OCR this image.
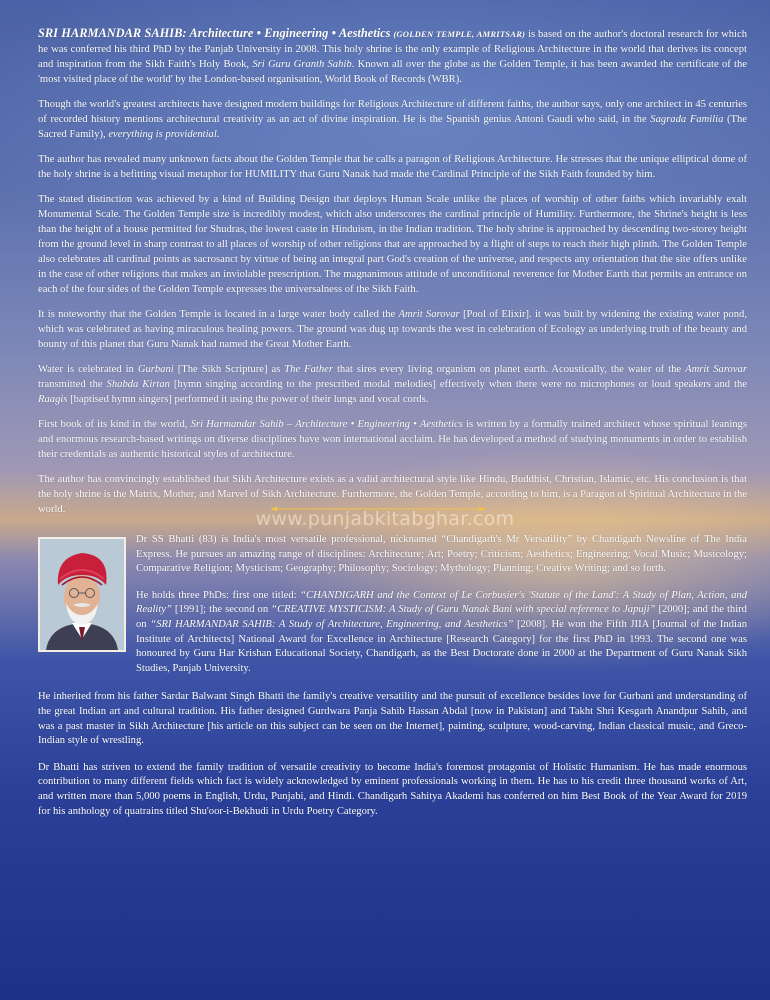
SRI HARMANDAR SAHIB: Architecture • Engineering • Aesthetics (GOLDEN TEMPLE, AMRITSAR) is based on the author's doctoral research for which he was conferred his third PhD by the Panjab University in 2008. This holy shrine is the only example of Religious Architecture in the world that derives its concept and inspiration from the Sikh Faith's Holy Book, Sri Guru Granth Sahib. Known all over the globe as the Golden Temple, it has been awarded the certificate of the 'most visited place of the world' by the London-based organisation, World Book of Records (WBR).

Though the world's greatest architects have designed modern buildings for Religious Architecture of different faiths, the author says, only one architect in 45 centuries of recorded history mentions architectural creativity as an act of divine inspiration. He is the Spanish genius Antoni Gaudi who said, in the Sagrada Familia (The Sacred Family), everything is providential.

The author has revealed many unknown facts about the Golden Temple that he calls a paragon of Religious Architecture. He stresses that the unique elliptical dome of the holy shrine is a befitting visual metaphor for HUMILITY that Guru Nanak had made the Cardinal Principle of the Sikh Faith founded by him.

The stated distinction was achieved by a kind of Building Design that deploys Human Scale unlike the places of worship of other faiths which invariably exalt Monumental Scale. The Golden Temple size is incredibly modest, which also underscores the cardinal principle of Humility. Furthermore, the Shrine's height is less than the height of a house permitted for Shudras, the lowest caste in Hinduism, in the Indian tradition. The holy shrine is approached by descending two-storey height from the ground level in sharp contrast to all places of worship of other religions that are approached by a flight of steps to reach their high plinth. The Golden Temple also celebrates all cardinal points as sacrosanct by virtue of being an integral part God's creation of the universe, and respects any orientation that the site offers unlike in the case of other religions that makes an inviolable prescription. The magnanimous attitude of unconditional reverence for Mother Earth that permits an entrance on each of the four sides of the Golden Temple expresses the universalness of the Sikh Faith.

It is noteworthy that the Golden Temple is located in a large water body called the Amrit Sarovar [Pool of Elixir]. it was built by widening the existing water pond, which was celebrated as having miraculous healing powers. The ground was dug up towards the west in celebration of Ecology as underlying truth of the beauty and bounty of this planet that Guru Nanak had named the Great Mother Earth.

Water is celebrated in Gurbani [The Sikh Scripture] as The Father that sires every living organism on planet earth. Acoustically, the water of the Amrit Sarovar transmitted the Shabda Kirtan [hymn singing according to the prescribed modal melodies] effectively when there were no microphones or loud speakers and the Raagis [baptised hymn singers] performed it using the power of their lungs and vocal cords.

First book of its kind in the world, Sri Harmandar Sahib – Architecture • Engineering • Aesthetics is written by a formally trained architect whose spiritual leanings and enormous research-based writings on diverse disciplines have won international acclaim. He has developed a method of studying monuments in order to establish their credentials as authentic historical styles of architecture.

The author has convincingly established that Sikh Architecture exists as a valid architectural style like Hindu, Buddhist, Christian, Islamic, etc. His conclusion is that the holy shrine is the Matrix, Mother, and Marvel of Sikh Architecture. Furthermore, the Golden Temple, according to him, is a Paragon of Spiritual Architecture in the world.	www.punjabkitabghar.com

Dr SS Bhatti (83) is India's most versatile professional, nicknamed “Chandigarh's Mr Versatility” by Chandigarh Newsline of The India Express. He pursues an amazing range of disciplines: Architecture; Art; Poetry; Criticism; Aesthetics; Engineering; Vocal Music; Musicology; Comparative Religion; Mysticism; Geography; Philosophy; Sociology; Mythology; Planning; Creative Writing; and so forth.

He holds three PhDs: first one titled: “CHANDIGARH and the Context of Le Corbusier's 'Statute of the Land': A Study of Plan, Action, and Reality” [1991]; the second on “CREATIVE MYSTICISM: A Study of Guru Nanak Bani with special reference to Japuji” [2000]; and the third on “SRI HARMANDAR SAHIB: A Study of Architecture, Engineering, and Aesthetics” [2008]. He won the Fifth JIIA [Journal of the Indian Institute of Architects] National Award for Excellence in Architecture [Research Category] for the first PhD in 1993. The second one was honoured by Guru Har Krishan Educational Society, Chandigarh, as the Best Doctorate done in 2000 at the Department of Guru Nanak Sikh Studies, Panjab University.

He inherited from his father Sardar Balwant Singh Bhatti the family's creative versatility and the pursuit of excellence besides love for Gurbani and understanding of the great Indian art and cultural tradition. His father designed Gurdwara Panja Sahib Hassan Abdal [now in Pakistan] and Takht Shri Kesgarh Anandpur Sahib, and was a past master in Sikh Architecture [his article on this subject can be seen on the Internet], painting, sculpture, wood-carving, Indian classical music, and Greco-Indian style of wrestling.

Dr Bhatti has striven to extend the family tradition of versatile creativity to become India's foremost protagonist of Holistic Humanism. He has made enormous contribution to many different fields which fact is widely acknowledged by eminent professionals working in them. He has to his credit three thousand works of Art, and written more than 5,000 poems in English, Urdu, Punjabi, and Hindi. Chandigarh Sahitya Akademi has conferred on him Best Book of the Year Award for 2019 for his anthology of quatrains titled Shu'oor-i-Bekhudi in Urdu Poetry Category.
